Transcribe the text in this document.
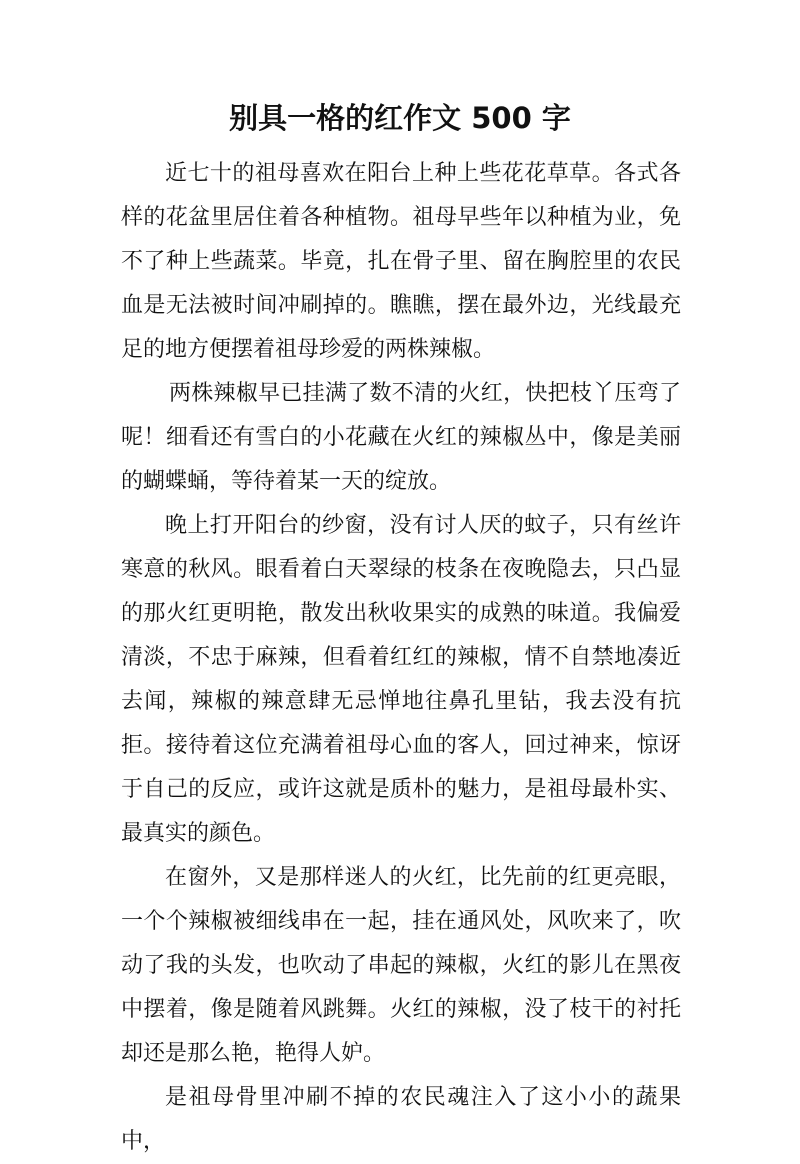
别具一格的红作文 500 字

近七十的祖母喜欢在阳台上种上些花花草草。各式各样的花盆里居住着各种植物。祖母早些年以种植为业，免不了种上些蔬菜。毕竟，扎在骨子里、留在胸腔里的农民血是无法被时间冲刷掉的。瞧瞧，摆在最外边，光线最充足的地方便摆着祖母珍爱的两株辣椒。

两株辣椒早已挂满了数不清的火红，快把枝丫压弯了呢！细看还有雪白的小花藏在火红的辣椒丛中，像是美丽的蝴蝶蛹，等待着某一天的绽放。

晚上打开阳台的纱窗，没有讨人厌的蚊子，只有丝许寒意的秋风。眼看着白天翠绿的枝条在夜晚隐去，只凸显的那火红更明艳，散发出秋收果实的成熟的味道。我偏爱清淡，不忠于麻辣，但看着红红的辣椒，情不自禁地凑近去闻，辣椒的辣意肆无忌惮地往鼻孔里钻，我去没有抗拒。接待着这位充满着祖母心血的客人，回过神来，惊讶于自己的反应，或许这就是质朴的魅力，是祖母最朴实、最真实的颜色。

在窗外，又是那样迷人的火红，比先前的红更亮眼，一个个辣椒被细线串在一起，挂在通风处，风吹来了，吹动了我的头发，也吹动了串起的辣椒，火红的影儿在黑夜中摆着，像是随着风跳舞。火红的辣椒，没了枝干的衬托却还是那么艳，艳得人妒。

是祖母骨里冲刷不掉的农民魂注入了这小小的蔬果中，
